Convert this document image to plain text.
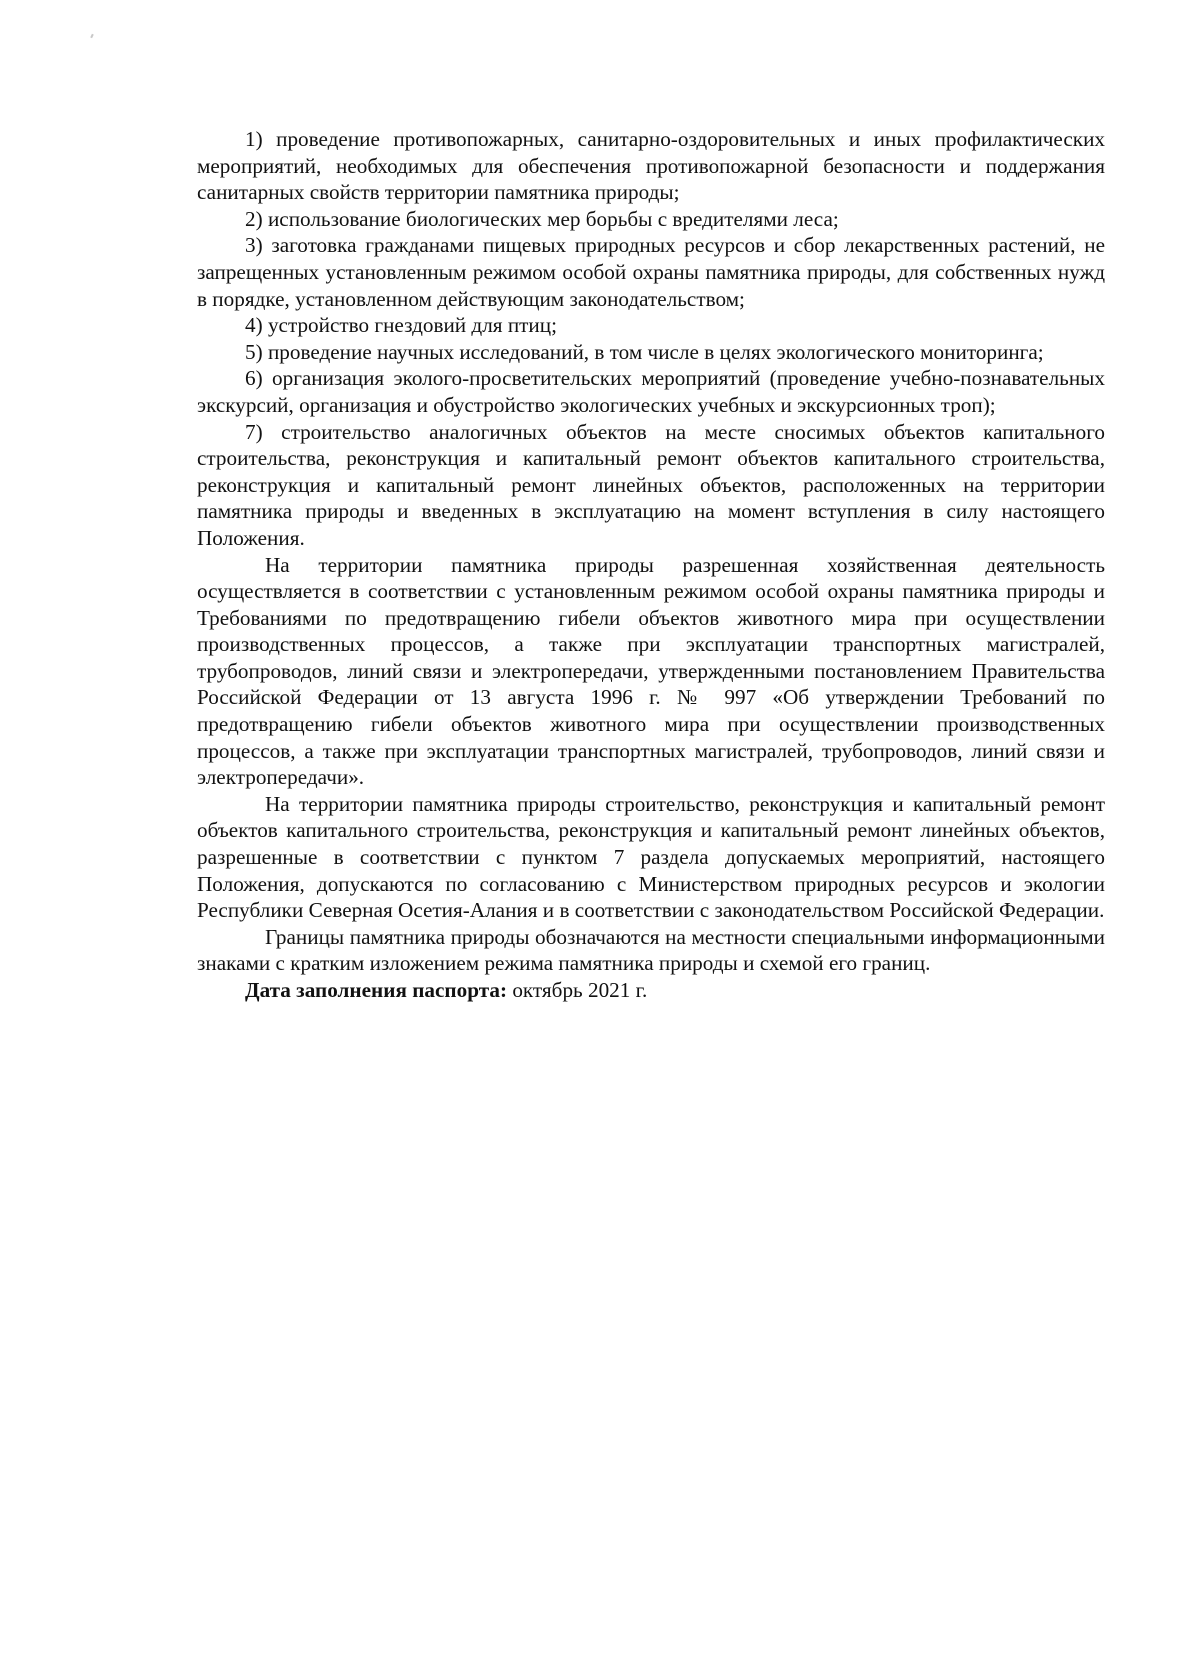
1) проведение противопожарных, санитарно-оздоровительных и иных профилактических мероприятий, необходимых для обеспечения противопожарной безопасности и поддержания санитарных свойств территории памятника природы;

2) использование биологических мер борьбы с вредителями леса;

3) заготовка гражданами пищевых природных ресурсов и сбор лекарственных растений, не запрещенных установленным режимом особой охраны памятника природы, для собственных нужд в порядке, установленном действующим законодательством;

4) устройство гнездовий для птиц;

5) проведение научных исследований, в том числе в целях экологического мониторинга;

6) организация эколого-просветительских мероприятий (проведение учебно-познавательных экскурсий, организация и обустройство экологических учебных и экскурсионных троп);

7) строительство аналогичных объектов на месте сносимых объектов капитального строительства, реконструкция и капитальный ремонт объектов капитального строительства, реконструкция и капитальный ремонт линейных объектов, расположенных на территории памятника природы и введенных в эксплуатацию на момент вступления в силу настоящего Положения.

На территории памятника природы разрешенная хозяйственная деятельность осуществляется в соответствии с установленным режимом особой охраны памятника природы и Требованиями по предотвращению гибели объектов животного мира при осуществлении производственных процессов, а также при эксплуатации транспортных магистралей, трубопроводов, линий связи и электропередачи, утвержденными постановлением Правительства Российской Федерации от 13 августа 1996 г. № 997 «Об утверждении Требований по предотвращению гибели объектов животного мира при осуществлении производственных процессов, а также при эксплуатации транспортных магистралей, трубопроводов, линий связи и электропередачи».

На территории памятника природы строительство, реконструкция и капитальный ремонт объектов капитального строительства, реконструкция и капитальный ремонт линейных объектов, разрешенные в соответствии с пунктом 7 раздела допускаемых мероприятий, настоящего Положения, допускаются по согласованию с Министерством природных ресурсов и экологии Республики Северная Осетия-Алания и в соответствии с законодательством Российской Федерации.

Границы памятника природы обозначаются на местности специальными информационными знаками с кратким изложением режима памятника природы и схемой его границ.

Дата заполнения паспорта: октябрь 2021 г.
